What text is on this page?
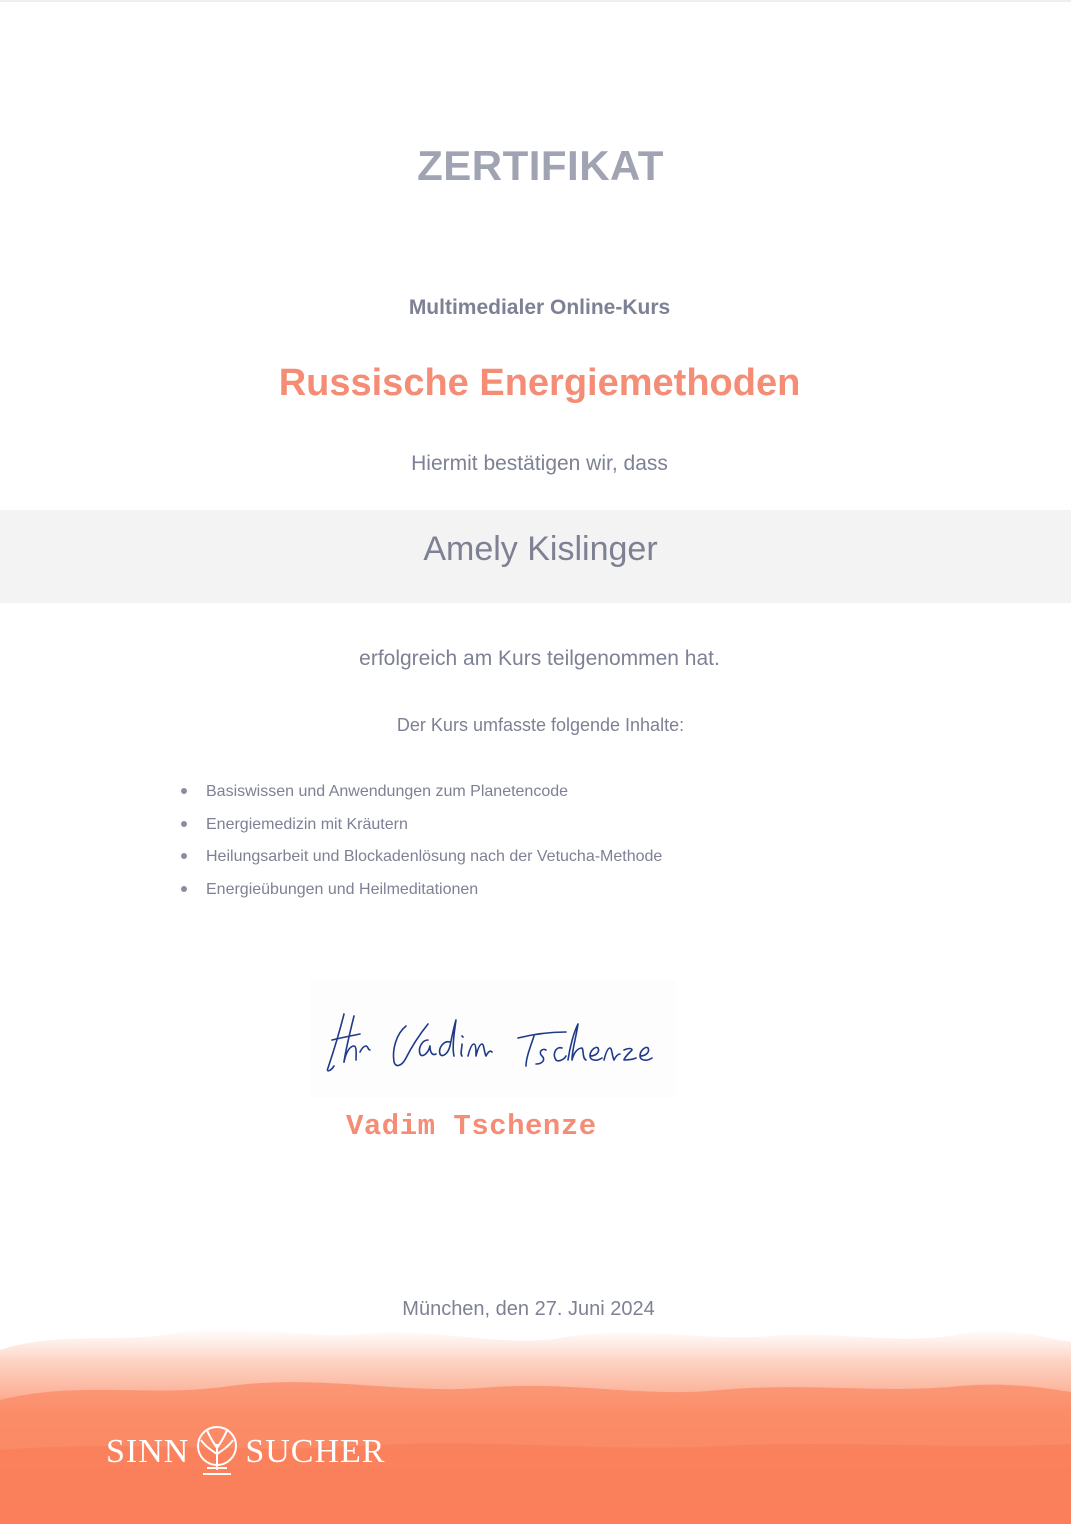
ZERTIFIKAT
Multimedialer Online-Kurs
Russische Energiemethoden
Hiermit bestätigen wir, dass
Amely Kislinger
erfolgreich am Kurs teilgenommen hat.
Der Kurs umfasste folgende Inhalte:
Basiswissen und Anwendungen zum Planetencode
Energiemedizin mit Kräutern
Heilungsarbeit und Blockadenlösung nach der Vetucha-Methode
Energieübungen und Heilmeditationen
Vadim Tschenze
München, den 27. Juni 2024
SINN SUCHER
